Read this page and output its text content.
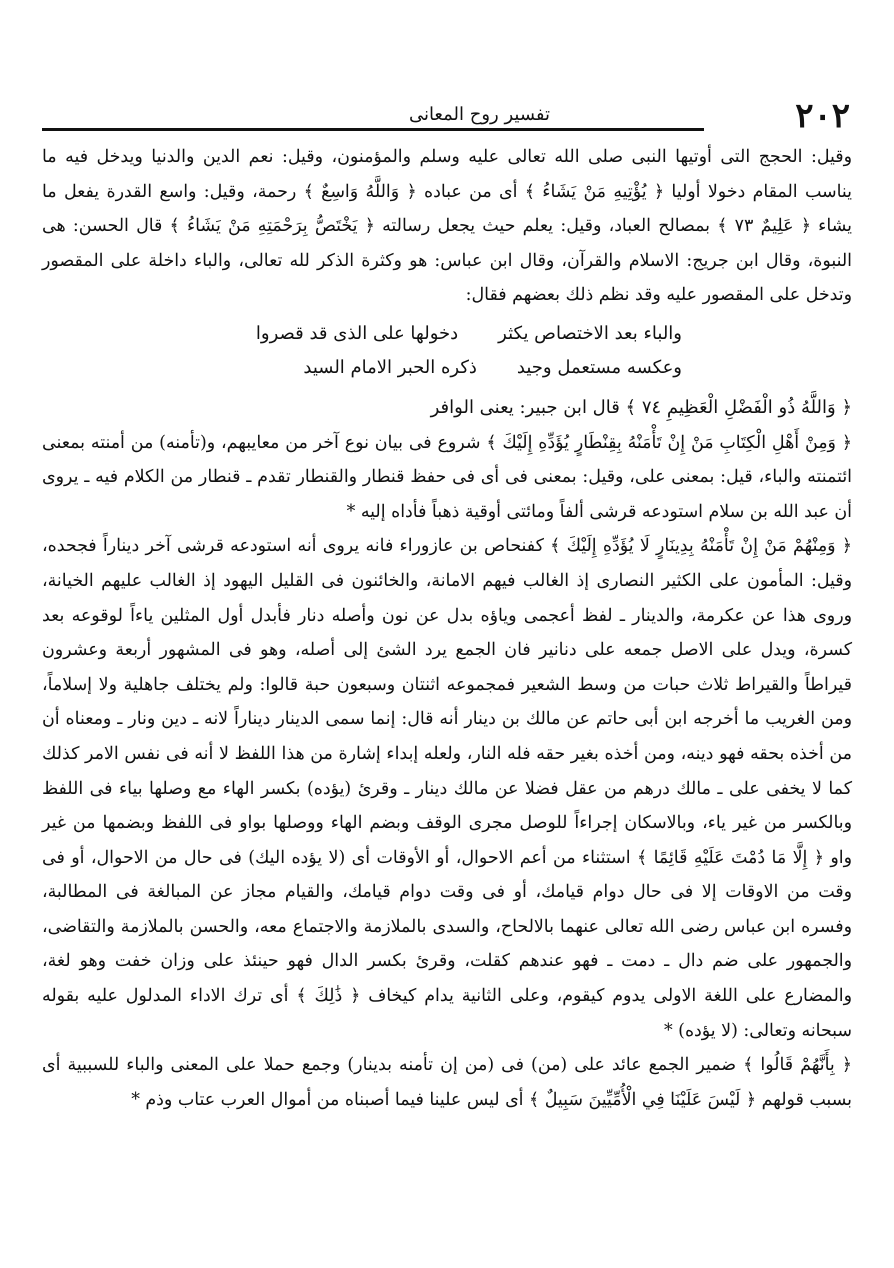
٢٠٢
تفسير روح المعانى

وقيل: الحجج التى أوتيها النبى صلى الله تعالى عليه وسلم والمؤمنون، وقيل: نعم الدين والدنيا ويدخل فيه ما يناسب المقام دخولا أوليا ﴿ يُؤْتِيهِ مَنْ يَشَاءُ ﴾ أى من عباده ﴿ وَاللَّهُ وَاسِعٌ ﴾ رحمة، وقيل: واسع القدرة يفعل ما يشاء ﴿ عَلِيمٌ ٧٣ ﴾ بمصالح العباد، وقيل: يعلم حيث يجعل رسالته ﴿ يَخْتَصُّ بِرَحْمَتِهِ مَنْ يَشَاءُ ﴾ قال الحسن: هى النبوة، وقال ابن جريج: الاسلام والقرآن، وقال ابن عباس: هو وكثرة الذكر لله تعالى، والباء داخلة على المقصور وتدخل على المقصور عليه وقد نظم ذلك بعضهم فقال:

والباء بعد الاختصاص يكثر
دخولها على الذى قد قصروا
وعكسه مستعمل وجيد
ذكره الحبر الامام السيد

﴿ وَاللَّهُ ذُو الْفَضْلِ الْعَظِيمِ ٧٤ ﴾ قال ابن جبير: يعنى الوافر

﴿ وَمِنْ أَهْلِ الْكِتَابِ مَنْ إِنْ تَأْمَنْهُ بِقِنْطَارٍ يُؤَدِّهِ إِلَيْكَ ﴾ شروع فى بيان نوع آخر من معايبهم، و(تأمنه) من أمنته بمعنى ائتمنته والباء، قيل: بمعنى على، وقيل: بمعنى فى أى فى حفظ قنطار والقنطار تقدم ـ قنطار من الكلام فيه ـ يروى أن عبد الله بن سلام استودعه قرشى ألفاً ومائتى أوقية ذهباً فأداه إليه *

﴿ وَمِنْهُمْ مَنْ إِنْ تَأْمَنْهُ بِدِينَارٍ لَا يُؤَدِّهِ إِلَيْكَ ﴾ كفنحاص بن عازوراء فانه يروى أنه استودعه قرشى آخر ديناراً فجحده، وقيل: المأمون على الكثير النصارى إذ الغالب فيهم الامانة، والخائنون فى القليل اليهود إذ الغالب عليهم الخيانة، وروى هذا عن عكرمة، والدينار ـ لفظ أعجمى وياؤه بدل عن نون وأصله دنار فأبدل أول المثلين ياءاً لوقوعه بعد كسرة، ويدل على الاصل جمعه على دنانير فان الجمع يرد الشئ إلى أصله، وهو فى المشهور أربعة وعشرون قيراطاً والقيراط ثلاث حبات من وسط الشعير فمجموعه اثنتان وسبعون حبة قالوا: ولم يختلف جاهلية ولا إسلاماً، ومن الغريب ما أخرجه ابن أبى حاتم عن مالك بن دينار أنه قال: إنما سمى الدينار ديناراً لانه ـ دين ونار ـ ومعناه أن من أخذه بحقه فهو دينه، ومن أخذه بغير حقه فله النار، ولعله إبداء إشارة من هذا اللفظ لا أنه فى نفس الامر كذلك كما لا يخفى على ـ مالك درهم من عقل فضلا عن مالك دينار ـ وقرئ (يؤده) بكسر الهاء مع وصلها بياء فى اللفظ وبالكسر من غير ياء، وبالاسكان إجراءاً للوصل مجرى الوقف وبضم الهاء ووصلها بواو فى اللفظ وبضمها من غير واو ﴿ إِلَّا مَا دُمْتَ عَلَيْهِ قَائِمًا ﴾ استثناء من أعم الاحوال، أو الأوقات أى (لا يؤده اليك) فى حال من الاحوال، أو فى وقت من الاوقات إلا فى حال دوام قيامك، أو فى وقت دوام قيامك، والقيام مجاز عن المبالغة فى المطالبة، وفسره ابن عباس رضى الله تعالى عنهما بالالحاح، والسدى بالملازمة والاجتماع معه، والحسن بالملازمة والتقاضى، والجمهور على ضم دال ـ دمت ـ فهو عندهم كقلت، وقرئ بكسر الدال فهو حينئذ على وزان خفت وهو لغة، والمضارع على اللغة الاولى يدوم كيقوم، وعلى الثانية يدام كيخاف ﴿ ذَٰلِكَ ﴾ أى ترك الاداء المدلول عليه بقوله سبحانه وتعالى: (لا يؤده) *

﴿ بِأَنَّهُمْ قَالُوا ﴾ ضمير الجمع عائد على (من) فى (من إن تأمنه بدينار) وجمع حملا على المعنى والباء للسببية أى بسبب قولهم ﴿ لَيْسَ عَلَيْنَا فِي الْأُمِّيِّينَ سَبِيلٌ ﴾ أى ليس علينا فيما أصبناه من أموال العرب عتاب وذم *
